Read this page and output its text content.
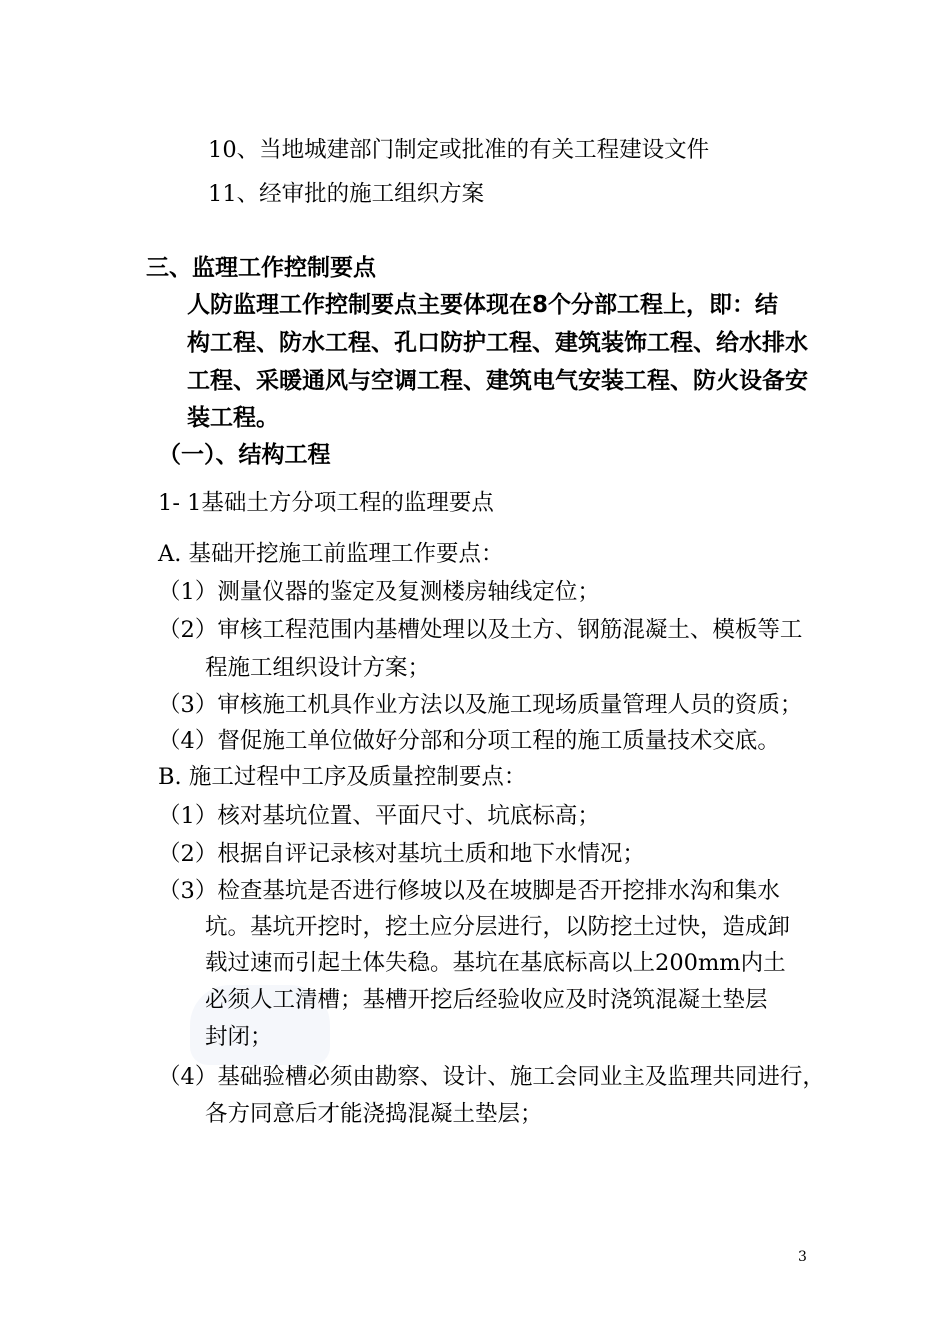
10、当地城建部门制定或批准的有关工程建设文件
11、经审批的施工组织方案
三、监理工作控制要点
人防监理工作控制要点主要体现在8个分部工程上，即：结
构工程、防水工程、孔口防护工程、建筑装饰工程、给水排水
工程、采暖通风与空调工程、建筑电气安装工程、防火设备安
装工程。
（一）、结构工程
1- 1基础土方分项工程的监理要点
A. 基础开挖施工前监理工作要点：
（1）测量仪器的鉴定及复测楼房轴线定位；
（2）审核工程范围内基槽处理以及土方、钢筋混凝土、模板等工
程施工组织设计方案；
（3）审核施工机具作业方法以及施工现场质量管理人员的资质；
（4）督促施工单位做好分部和分项工程的施工质量技术交底。
B. 施工过程中工序及质量控制要点：
（1）核对基坑位置、平面尺寸、坑底标高；
（2）根据自评记录核对基坑土质和地下水情况；
（3）检查基坑是否进行修坡以及在坡脚是否开挖排水沟和集水
坑。基坑开挖时，挖土应分层进行，以防挖土过快，造成卸
载过速而引起土体失稳。基坑在基底标高以上200mm内土
必须人工清槽；基槽开挖后经验收应及时浇筑混凝土垫层
封闭；
（4）基础验槽必须由勘察、设计、施工会同业主及监理共同进行，
各方同意后才能浇捣混凝土垫层；
3
